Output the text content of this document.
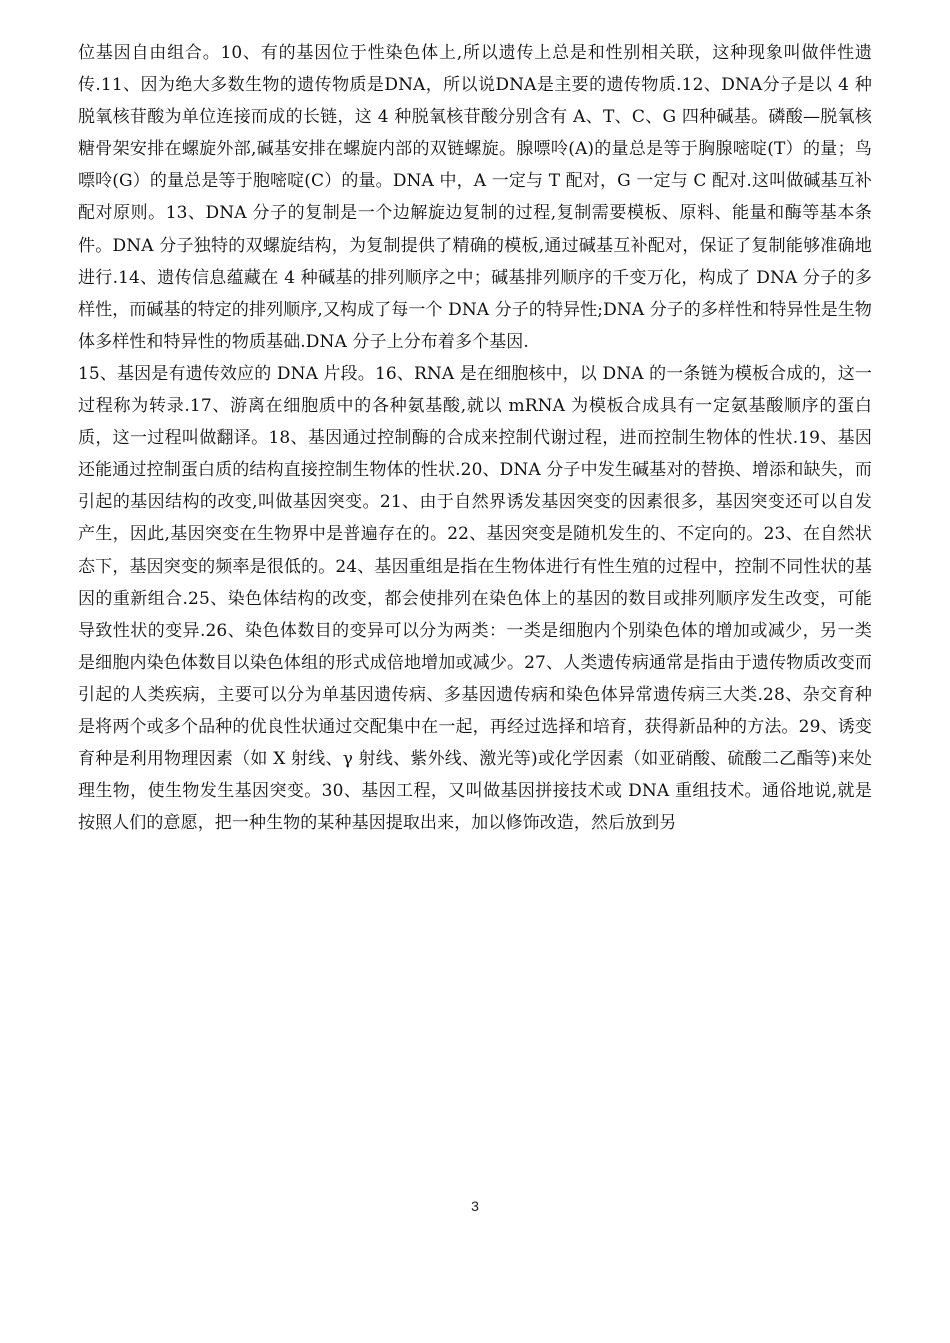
位基因自由组合。10、有的基因位于性染色体上,所以遗传上总是和性别相关联，这种现象叫做伴性遗传.11、因为绝大多数生物的遗传物质是DNA，所以说DNA是主要的遗传物质.12、DNA分子是以 4 种脱氧核苷酸为单位连接而成的长链，这 4 种脱氧核苷酸分别含有 A、T、C、G 四种碱基。磷酸—脱氧核糖骨架安排在螺旋外部,碱基安排在螺旋内部的双链螺旋。腺嘌呤(A)的量总是等于胸腺嘧啶(T）的量；鸟嘌呤(G）的量总是等于胞嘧啶(C）的量。DNA 中，A 一定与 T 配对，G 一定与 C 配对.这叫做碱基互补配对原则。13、DNA 分子的复制是一个边解旋边复制的过程,复制需要模板、原料、能量和酶等基本条件。DNA 分子独特的双螺旋结构，为复制提供了精确的模板,通过碱基互补配对，保证了复制能够准确地进行.14、遗传信息蕴藏在 4 种碱基的排列顺序之中；碱基排列顺序的千变万化，构成了 DNA 分子的多样性，而碱基的特定的排列顺序,又构成了每一个 DNA 分子的特异性;DNA 分子的多样性和特异性是生物体多样性和特异性的物质基础.DNA 分子上分布着多个基因.

15、基因是有遗传效应的 DNA 片段。16、RNA 是在细胞核中，以 DNA 的一条链为模板合成的，这一过程称为转录.17、游离在细胞质中的各种氨基酸,就以 mRNA 为模板合成具有一定氨基酸顺序的蛋白质，这一过程叫做翻译。18、基因通过控制酶的合成来控制代谢过程，进而控制生物体的性状.19、基因还能通过控制蛋白质的结构直接控制生物体的性状.20、DNA 分子中发生碱基对的替换、增添和缺失，而引起的基因结构的改变,叫做基因突变。21、由于自然界诱发基因突变的因素很多，基因突变还可以自发产生，因此,基因突变在生物界中是普遍存在的。22、基因突变是随机发生的、不定向的。23、在自然状态下，基因突变的频率是很低的。24、基因重组是指在生物体进行有性生殖的过程中，控制不同性状的基因的重新组合.25、染色体结构的改变，都会使排列在染色体上的基因的数目或排列顺序发生改变，可能导致性状的变异.26、染色体数目的变异可以分为两类：一类是细胞内个别染色体的增加或减少，另一类是细胞内染色体数目以染色体组的形式成倍地增加或减少。27、人类遗传病通常是指由于遗传物质改变而引起的人类疾病，主要可以分为单基因遗传病、多基因遗传病和染色体异常遗传病三大类.28、杂交育种是将两个或多个品种的优良性状通过交配集中在一起，再经过选择和培育，获得新品种的方法。29、诱变育种是利用物理因素（如 X 射线、γ 射线、紫外线、激光等)或化学因素（如亚硝酸、硫酸二乙酯等)来处理生物，使生物发生基因突变。30、基因工程，又叫做基因拼接技术或 DNA 重组技术。通俗地说,就是按照人们的意愿，把一种生物的某种基因提取出来，加以修饰改造，然后放到另

3
